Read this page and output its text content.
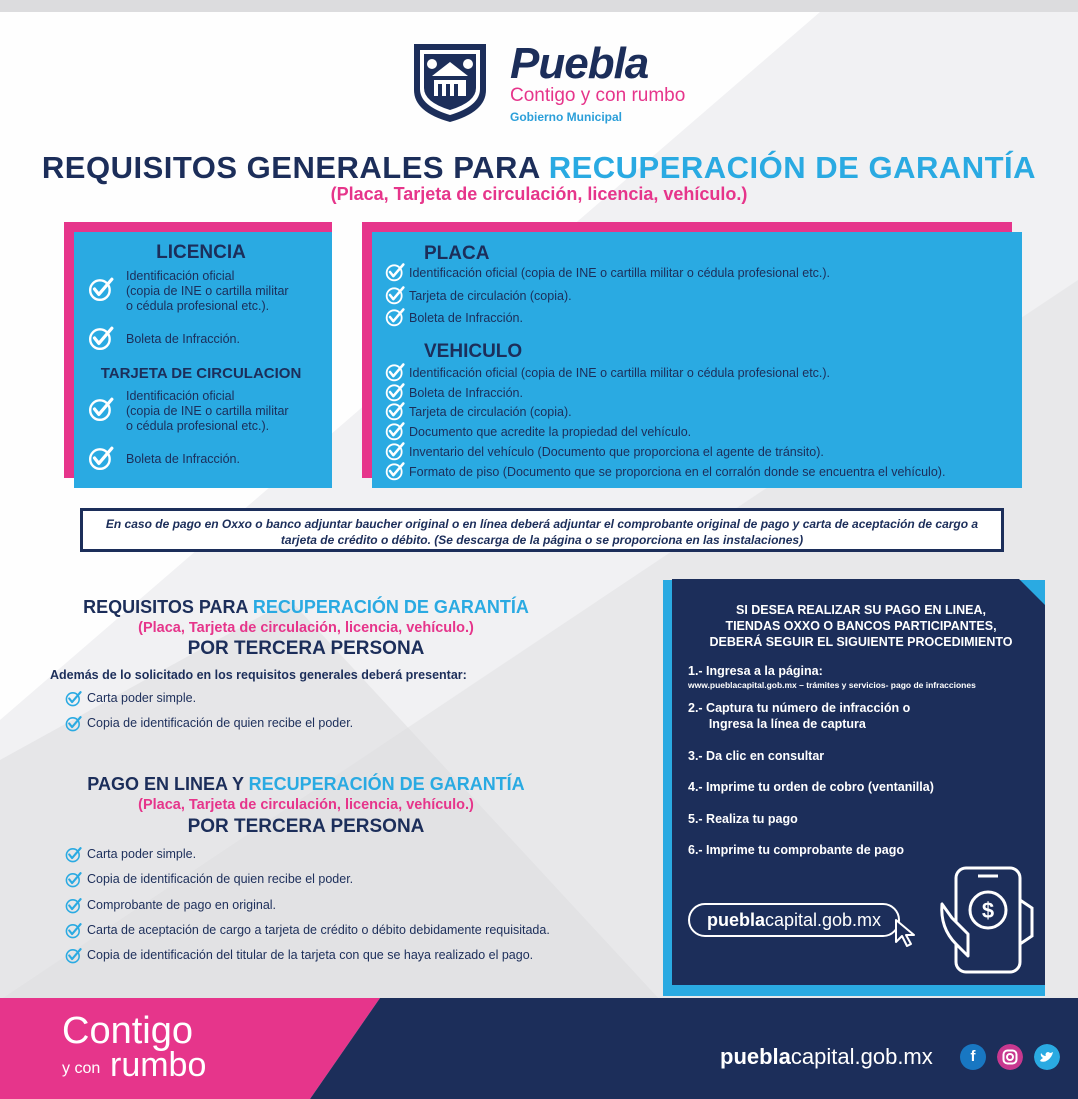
Puebla
Contigo y con rumbo
Gobierno Municipal
REQUISITOS GENERALES PARA RECUPERACIÓN DE GARANTÍA
(Placa, Tarjeta de circulación, licencia, vehículo.)
LICENCIA
TARJETA DE CIRCULACION
PLACA
VEHICULO
Identificación oficial
(copia de INE o cartilla militar
o cédula profesional etc.).
Boleta de Infracción.
Identificación oficial
(copia de INE o cartilla militar
o cédula profesional etc.).
Boleta de Infracción.
Identificación oficial (copia de INE o cartilla militar o cédula profesional etc.).
Tarjeta de circulación (copia).
Boleta de Infracción.
Identificación oficial (copia de INE o cartilla militar o cédula profesional etc.).
Boleta de Infracción.
Tarjeta de circulación (copia).
Documento que acredite la propiedad del vehículo.
Inventario del vehículo (Documento que proporciona el agente de tránsito).
Formato de piso (Documento que se proporciona en el corralón donde se encuentra el vehículo).
Carta poder simple.
Copia de identificación de quien recibe el poder.
Carta poder simple.
Copia de identificación de quien recibe el poder.
Comprobante de pago en original.
Carta de aceptación de cargo a tarjeta de crédito o débito debidamente requisitada.
Copia de identificación del titular de la tarjeta con que se haya realizado el pago.
En caso de pago en Oxxo o banco adjuntar baucher original o en línea deberá adjuntar el comprobante original de pago y carta de aceptación de cargo a tarjeta de crédito o débito. (Se descarga de la página o se proporciona en las instalaciones)
REQUISITOS PARA RECUPERACIÓN DE GARANTÍA
(Placa, Tarjeta de circulación, licencia, vehículo.)
POR TERCERA PERSONA
Además de lo solicitado en los requisitos generales deberá presentar:
PAGO EN LINEA Y RECUPERACIÓN DE GARANTÍA
(Placa, Tarjeta de circulación, licencia, vehículo.)
POR TERCERA PERSONA
SI DESEA REALIZAR SU PAGO EN LINEA,
TIENDAS OXXO O BANCOS PARTICIPANTES,
DEBERÁ SEGUIR EL SIGUIENTE PROCEDIMIENTO
1.- Ingresa a la página:
www.pueblacapital.gob.mx – trámites y servicios- pago de infracciones
2.- Captura tu número de infracción o
Ingresa la línea de captura
3.- Da clic en consultar
4.- Imprime tu orden de cobro (ventanilla)
5.- Realiza tu pago
6.- Imprime tu comprobante de pago
pueblacapital.gob.mx	$
Contigo
y con rumbo	pueblacapital.gob.mx	f
